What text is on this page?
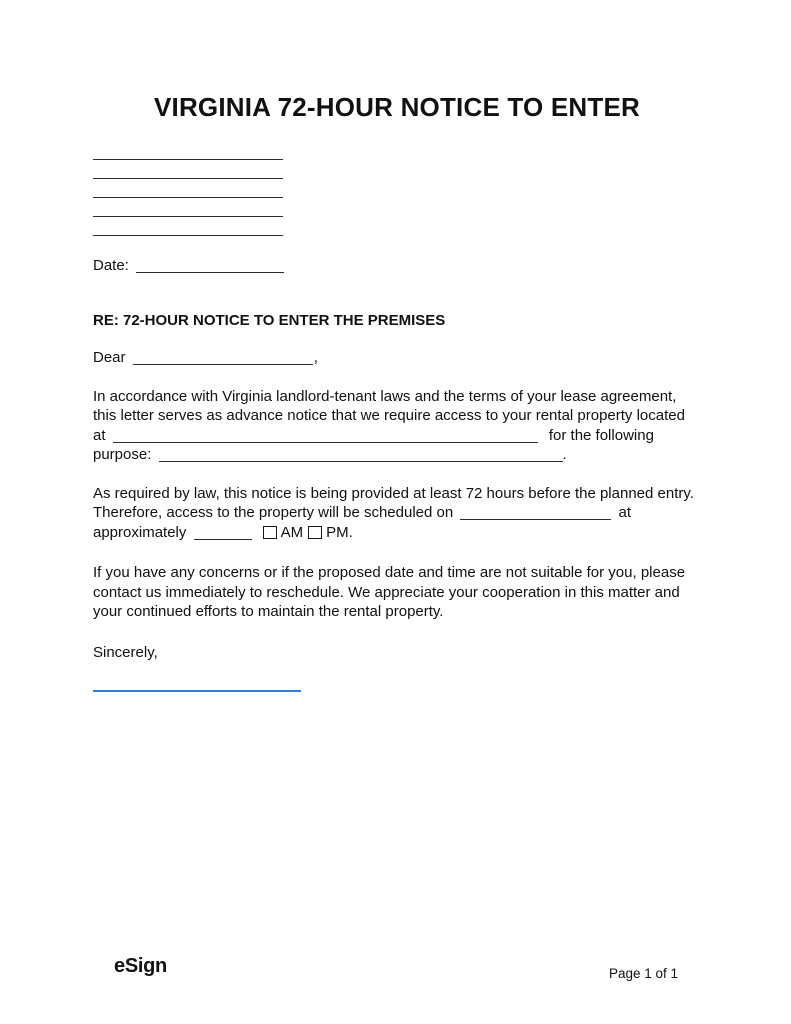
VIRGINIA 72-HOUR NOTICE TO ENTER
Date:

RE: 72-HOUR NOTICE TO ENTER THE PREMISES

Dear	,

In accordance with Virginia landlord-tenant laws and the terms of your lease agreement, this letter serves as advance notice that we require access to your rental property located at	for the following purpose:	.

As required by law, this notice is being provided at least 72 hours before the planned entry. Therefore, access to the property will be scheduled on	at approximately	AM PM.

If you have any concerns or if the proposed date and time are not suitable for you, please contact us immediately to reschedule. We appreciate your cooperation in this matter and your continued efforts to maintain the rental property.

Sincerely,

eSign	Page 1 of 1
